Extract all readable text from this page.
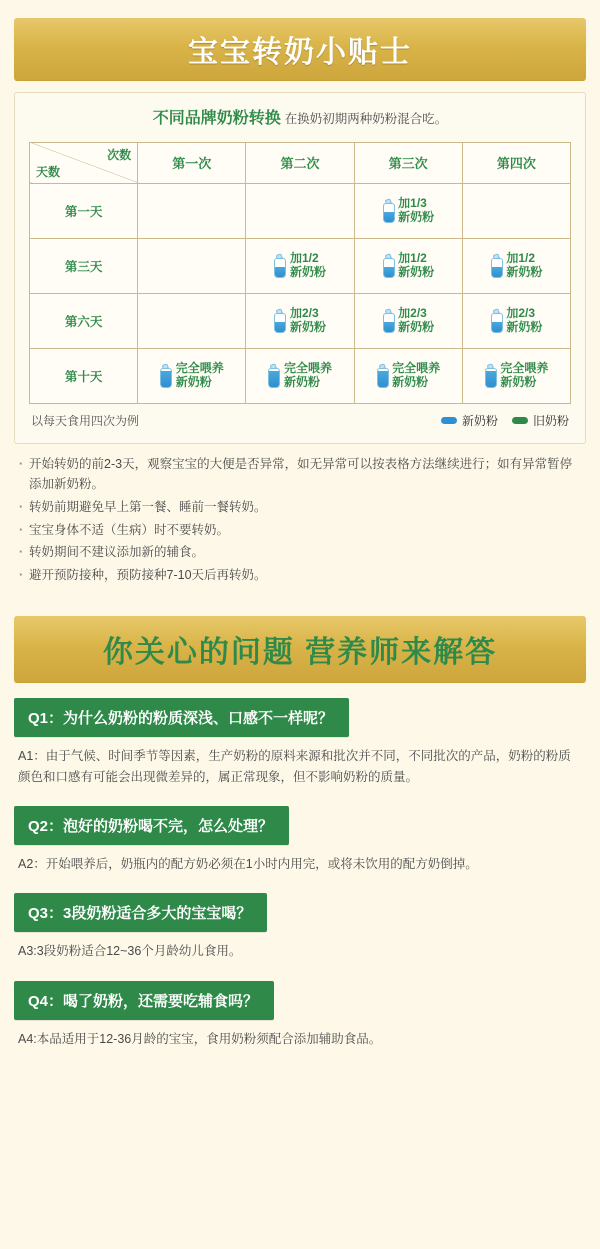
宝宝转奶小贴士
不同品牌奶粉转换 在换奶初期两种奶粉混合吃。
次数
天数	第一次	第二次	第三次	第四次
第一天			加1/3
新奶粉	

第三天		加1/2
新奶粉	加1/2
新奶粉	加1/2
新奶粉

第六天		加2/3
新奶粉	加2/3
新奶粉	加2/3
新奶粉

第十天	完全喂养
新奶粉	完全喂养
新奶粉	完全喂养
新奶粉	完全喂养
新奶粉
以每天食用四次为例	新奶粉	旧奶粉
· 开始转奶的前2-3天，观察宝宝的大便是否异常，如无异常可以按表格方法继续进行；如有异常暂停添加新奶粉。
· 转奶前期避免早上第一餐、睡前一餐转奶。
· 宝宝身体不适（生病）时不要转奶。
· 转奶期间不建议添加新的辅食。
· 避开预防接种，预防接种7-10天后再转奶。
你关心的问题 营养师来解答
Q1：为什么奶粉的粉质深浅、口感不一样呢？
A1：由于气候、时间季节等因素，生产奶粉的原料来源和批次并不同，不同批次的产品，奶粉的粉质颜色和口感有可能会出现微差异的，属正常现象，但不影响奶粉的质量。
Q2：泡好的奶粉喝不完，怎么处理？
A2：开始喂养后，奶瓶内的配方奶必须在1小时内用完，或将未饮用的配方奶倒掉。
Q3：3段奶粉适合多大的宝宝喝？
A3:3段奶粉适合12~36个月龄幼儿食用。
Q4：喝了奶粉，还需要吃辅食吗？
A4:本品适用于12-36月龄的宝宝，食用奶粉须配合添加辅助食品。
